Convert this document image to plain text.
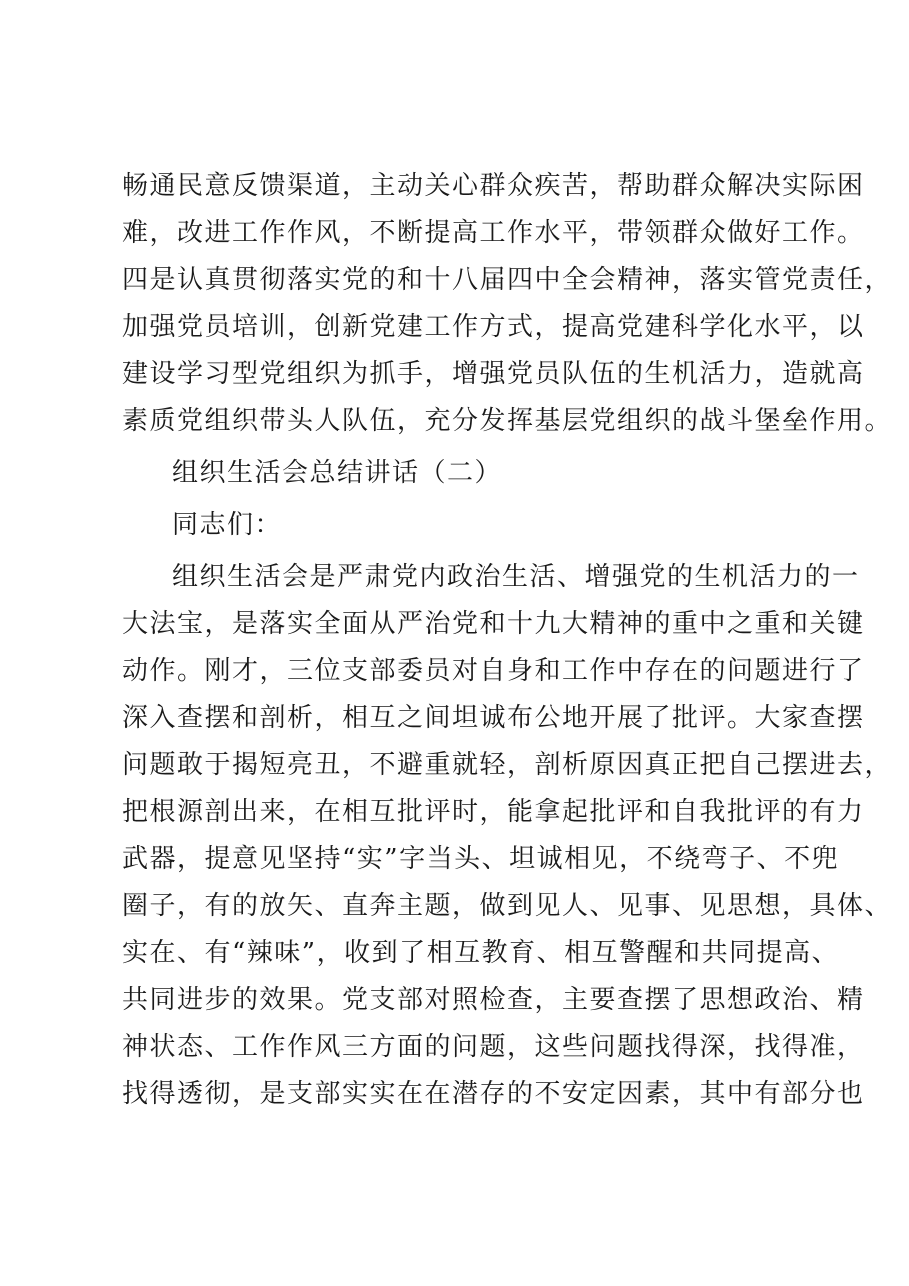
畅通民意反馈渠道，主动关心群众疾苦，帮助群众解决实际困
难，改进工作作风，不断提高工作水平，带领群众做好工作。
四是认真贯彻落实党的和十八届四中全会精神，落实管党责任，
加强党员培训，创新党建工作方式，提高党建科学化水平，以
建设学习型党组织为抓手，增强党员队伍的生机活力，造就高
素质党组织带头人队伍，充分发挥基层党组织的战斗堡垒作用。
组织生活会总结讲话（二）
同志们：
组织生活会是严肃党内政治生活、增强党的生机活力的一
大法宝，是落实全面从严治党和十九大精神的重中之重和关键
动作。刚才，三位支部委员对自身和工作中存在的问题进行了
深入查摆和剖析，相互之间坦诚布公地开展了批评。大家查摆
问题敢于揭短亮丑，不避重就轻，剖析原因真正把自己摆进去，
把根源剖出来，在相互批评时，能拿起批评和自我批评的有力
武器，提意见坚持“实”字当头、坦诚相见，不绕弯子、不兜
圈子，有的放矢、直奔主题，做到见人、见事、见思想，具体、
实在、有“辣味”，收到了相互教育、相互警醒和共同提高、
共同进步的效果。党支部对照检查，主要查摆了思想政治、精
神状态、工作作风三方面的问题，这些问题找得深，找得准，
找得透彻，是支部实实在在潜存的不安定因素，其中有部分也
